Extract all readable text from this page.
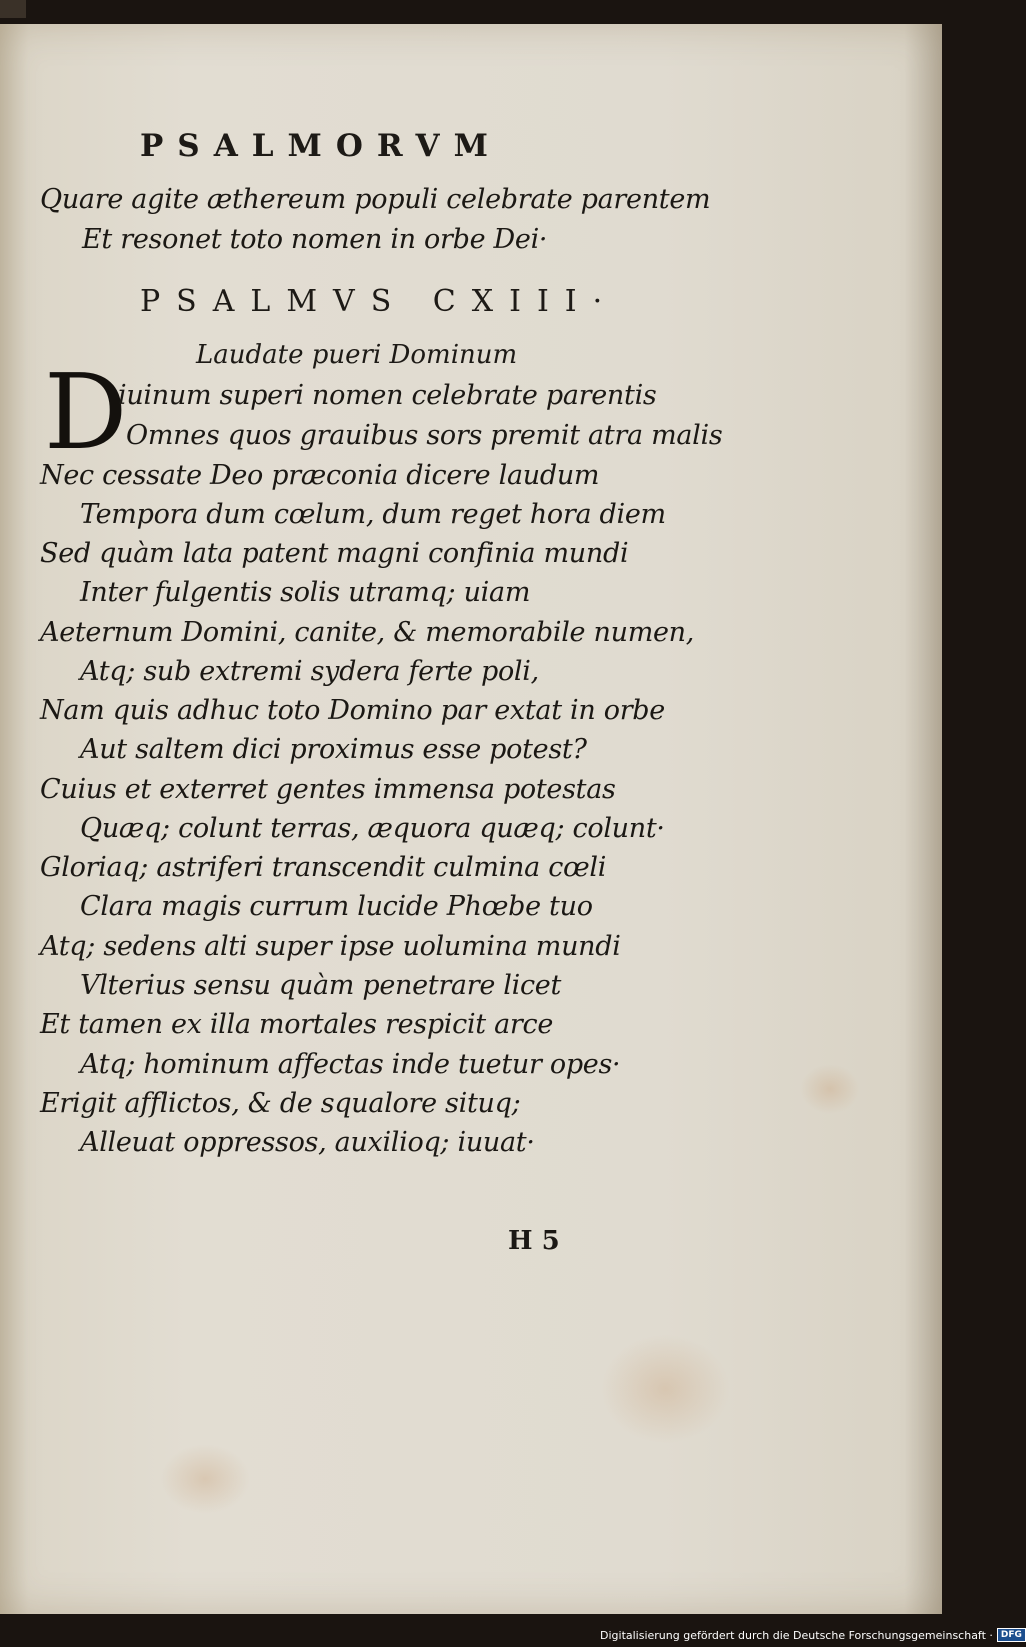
PSALMORVM
Quare agite æthereum populi celebrate parentem
Et resonet toto nomen in orbe Dei·
PSALMVS CXIII·
Laudate pueri Dominum
D
iuinum superi nomen celebrate parentis
Omnes quos grauibus sors premit atra malis
Nec cessate Deo præconia dicere laudum
Tempora dum cœlum, dum reget hora diem
Sed quàm lata patent magni confinia mundi
Inter fulgentis solis utramq; uiam
Aeternum Domini, canite, & memorabile numen,
Atq; sub extremi sydera ferte poli,
Nam quis adhuc toto Domino par extat in orbe
Aut saltem dici proximus esse potest?
Cuius et exterret gentes immensa potestas
Quæq; colunt terras, æquora quæq; colunt·
Gloriaq; astriferi transcendit culmina cœli
Clara magis currum lucide Phœbe tuo
Atq; sedens alti super ipse uolumina mundi
Vlterius sensu quàm penetrare licet
Et tamen ex illa mortales respicit arce
Atq; hominum affectas inde tuetur opes·
Erigit afflictos, & de squalore situq;
Alleuat oppressos, auxilioq; iuuat·
H 5
Digitalisierung gefördert durch die Deutsche Forschungsgemeinschaft · DFG
